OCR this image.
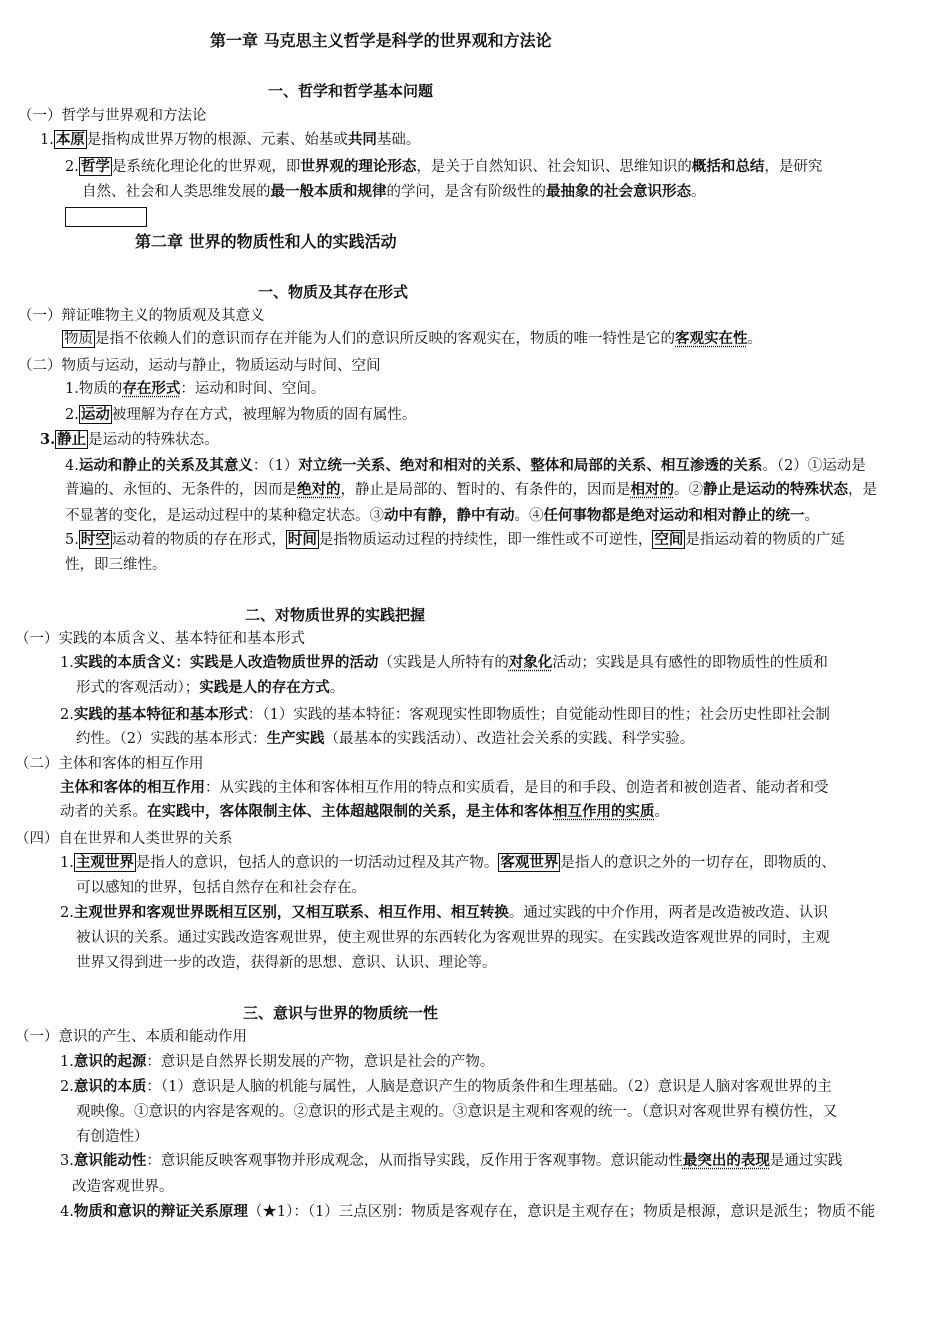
第一章 马克思主义哲学是科学的世界观和方法论
一、哲学和哲学基本问题
（一）哲学与世界观和方法论
1. 本原 是指构成世界万物的根源、元素、始基或共同基础。
2. 哲学 是系统化理论化的世界观，即世界观的理论形态，是关于自然知识、社会知识、思维知识的概括和总结，是研究
自然、社会和人类思维发展的最一般本质和规律的学问，是含有阶级性的最抽象的社会意识形态。
第二章 世界的物质性和人的实践活动
一、物质及其存在形式
（一）辩证唯物主义的物质观及其意义
物质 是指不依赖人们的意识而存在并能为人们的意识所反映的客观实在，物质的唯一特性是它的客观实在性。
（二）物质与运动，运动与静止，物质运动与时间、空间
1.物质的存在形式：运动和时间、空间。
2. 运动 被理解为存在方式，被理解为物质的固有属性。
3. 静止 是运动的特殊状态。
4.运动和静止的关系及其意义：（1）对立统一关系、绝对和相对的关系、整体和局部的关系、相互渗透的关系。（2）①运动是
普遍的、永恒的、无条件的，因而是绝对的，静止是局部的、暂时的、有条件的，因而是相对的。②静止是运动的特殊状态，是
不显著的变化，是运动过程中的某种稳定状态。③动中有静，静中有动。④任何事物都是绝对运动和相对静止的统一。
5. 时空 运动着的物质的存在形式， 时间 是指物质运动过程的持续性，即一维性或不可逆性， 空间 是指运动着的物质的广延
性，即三维性。
二、对物质世界的实践把握
（一）实践的本质含义、基本特征和基本形式
1.实践的本质含义：实践是人改造物质世界的活动（实践是人所特有的对象化活动；实践是具有感性的即物质性的性质和
形式的客观活动）；实践是人的存在方式。
2.实践的基本特征和基本形式：（1）实践的基本特征：客观现实性即物质性；自觉能动性即目的性；社会历史性即社会制
约性。（2）实践的基本形式：生产实践（最基本的实践活动）、改造社会关系的实践、科学实验。
（二）主体和客体的相互作用
主体和客体的相互作用：从实践的主体和客体相互作用的特点和实质看，是目的和手段、创造者和被创造者、能动者和受
动者的关系。在实践中，客体限制主体、主体超越限制的关系，是主体和客体相互作用的实质。
（四）自在世界和人类世界的关系
1. 主观世界 是指人的意识，包括人的意识的一切活动过程及其产物。 客观世界 是指人的意识之外的一切存在，即物质的、
可以感知的世界，包括自然存在和社会存在。
2.主观世界和客观世界既相互区别，又相互联系、相互作用、相互转换。通过实践的中介作用，两者是改造被改造、认识
被认识的关系。通过实践改造客观世界，使主观世界的东西转化为客观世界的现实。在实践改造客观世界的同时，主观
世界又得到进一步的改造，获得新的思想、意识、认识、理论等。
三、意识与世界的物质统一性
（一）意识的产生、本质和能动作用
1.意识的起源：意识是自然界长期发展的产物，意识是社会的产物。
2.意识的本质：（1）意识是人脑的机能与属性，人脑是意识产生的物质条件和生理基础。（2）意识是人脑对客观世界的主
观映像。①意识的内容是客观的。②意识的形式是主观的。③意识是主观和客观的统一。（意识对客观世界有模仿性，又
有创造性）
3.意识能动性：意识能反映客观事物并形成观念，从而指导实践，反作用于客观事物。意识能动性最突出的表现是通过实践
改造客观世界。
4.物质和意识的辩证关系原理（★1）：（1）三点区别：物质是客观存在，意识是主观存在；物质是根源，意识是派生；物质不能
